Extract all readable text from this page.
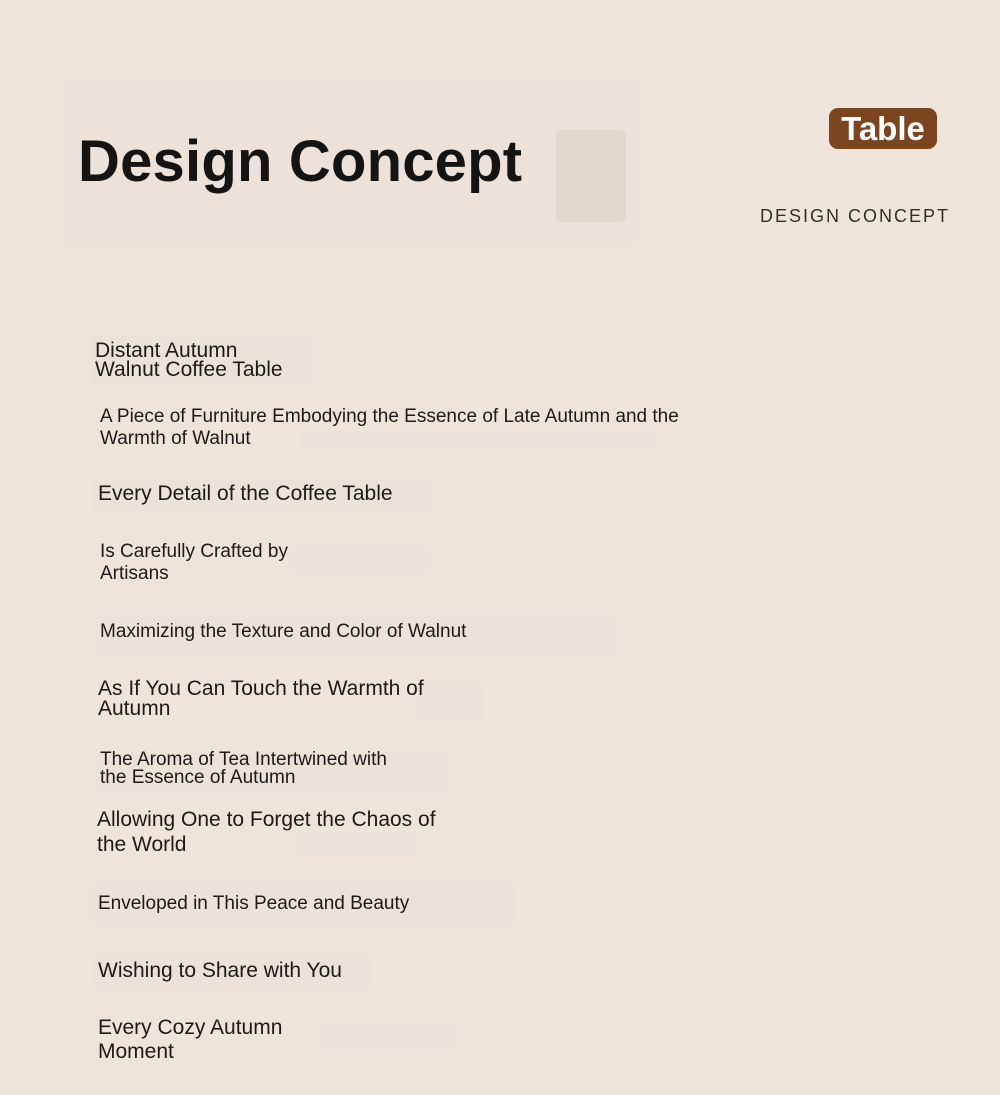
Design Concept
Table
DESIGN CONCEPT
Distant Autumn
Walnut Coffee Table
A Piece of Furniture Embodying the Essence of Late Autumn and the
Warmth of Walnut
Every Detail of the Coffee Table
Is Carefully Crafted by
Artisans
Maximizing the Texture and Color of Walnut
As If You Can Touch the Warmth of
Autumn
The Aroma of Tea Intertwined with
the Essence of Autumn
Allowing One to Forget the Chaos of
the World
Enveloped in This Peace and Beauty
Wishing to Share with You
Every Cozy Autumn
Moment
